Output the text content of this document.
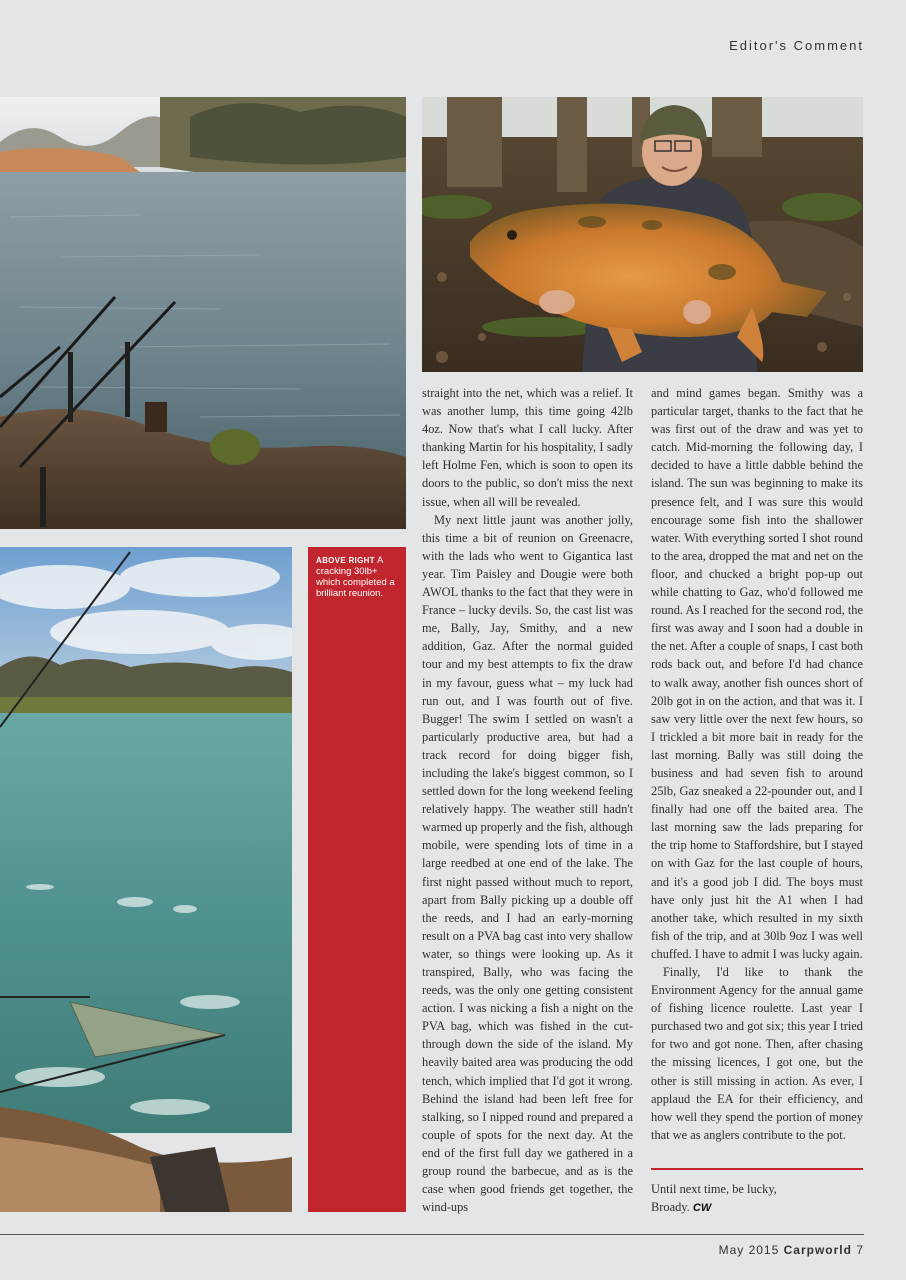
Editor's Comment
ABOVE RIGHT A cracking 30lb+ which completed a brilliant reunion.

straight into the net, which was a relief. It was another lump, this time going 42lb 4oz. Now that's what I call lucky. After thanking Martin for his hospitality, I sadly left Holme Fen, which is soon to open its doors to the public, so don't miss the next issue, when all will be revealed.

My next little jaunt was another jolly, this time a bit of reunion on Greenacre, with the lads who went to Gigantica last year. Tim Paisley and Dougie were both AWOL thanks to the fact that they were in France – lucky devils. So, the cast list was me, Bally, Jay, Smithy, and a new addition, Gaz. After the normal guided tour and my best attempts to fix the draw in my favour, guess what – my luck had run out, and I was fourth out of five. Bugger! The swim I settled on wasn't a particularly productive area, but had a track record for doing bigger fish, including the lake's biggest common, so I settled down for the long weekend feeling relatively happy. The weather still hadn't warmed up properly and the fish, although mobile, were spending lots of time in a large reedbed at one end of the lake. The first night passed without much to report, apart from Bally picking up a double off the reeds, and I had an early-morning result on a PVA bag cast into very shallow water, so things were looking up. As it transpired, Bally, who was facing the reeds, was the only one getting consistent action. I was nicking a fish a night on the PVA bag, which was fished in the cut-through down the side of the island. My heavily baited area was producing the odd tench, which implied that I'd got it wrong. Behind the island had been left free for stalking, so I nipped round and prepared a couple of spots for the next day. At the end of the first full day we gathered in a group round the barbecue, and as is the case when good friends get together, the wind-ups

and mind games began. Smithy was a particular target, thanks to the fact that he was first out of the draw and was yet to catch. Mid-morning the following day, I decided to have a little dabble behind the island. The sun was beginning to make its presence felt, and I was sure this would encourage some fish into the shallower water. With everything sorted I shot round to the area, dropped the mat and net on the floor, and chucked a bright pop-up out while chatting to Gaz, who'd followed me round. As I reached for the second rod, the first was away and I soon had a double in the net. After a couple of snaps, I cast both rods back out, and before I'd had chance to walk away, another fish ounces short of 20lb got in on the action, and that was it. I saw very little over the next few hours, so I trickled a bit more bait in ready for the last morning. Bally was still doing the business and had seven fish to around 25lb, Gaz sneaked a 22-pounder out, and I finally had one off the baited area. The last morning saw the lads preparing for the trip home to Staffordshire, but I stayed on with Gaz for the last couple of hours, and it's a good job I did. The boys must have only just hit the A1 when I had another take, which resulted in my sixth fish of the trip, and at 30lb 9oz I was well chuffed. I have to admit I was lucky again.

Finally, I'd like to thank the Environment Agency for the annual game of fishing licence roulette. Last year I purchased two and got six; this year I tried for two and got none. Then, after chasing the missing licences, I got one, but the other is still missing in action. As ever, I applaud the EA for their efficiency, and how well they spend the portion of money that we as anglers contribute to the pot.

Until next time, be lucky,

Broady. CW

May 2015 Carpworld 7
